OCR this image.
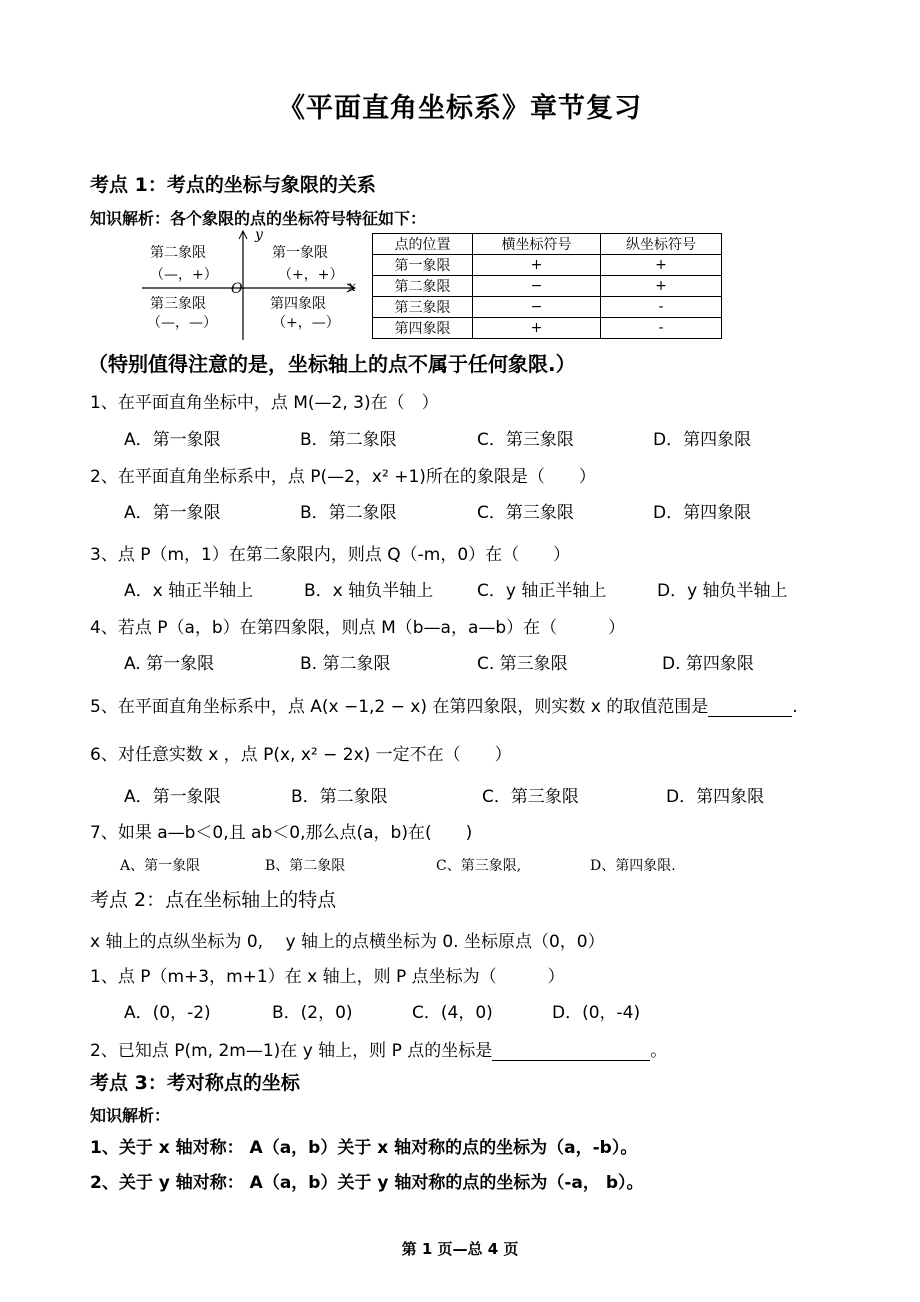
《平面直角坐标系》章节复习
考点 1：考点的坐标与象限的关系
知识解析：各个象限的点的坐标符号特征如下：
第二象限
（—，+）
第一象限
（+，+）
第三象限
（—，—）
第四象限
（+，—）
O	x
y
点的位置	横坐标符号	纵坐标符号
第一象限	+	+
第二象限	−	+
第三象限	−	-
第四象限	+	-
（特别值得注意的是，坐标轴上的点不属于任何象限.）
1、在平面直角坐标中，点 M(—2, 3)在（　）
A．第一象限	B．第二象限	C．第三象限	D．第四象限
2、在平面直角坐标系中，点 P(—2，x² +1)所在的象限是（　　）
A．第一象限	B．第二象限	C．第三象限	D．第四象限
3、点 P（m，1）在第二象限内，则点 Q（-m，0）在（　　）
A．x 轴正半轴上	B．x 轴负半轴上	C．y 轴正半轴上	D．y 轴负半轴上
4、若点 P（a，b）在第四象限，则点 M（b—a，a—b）在（　　　）
A. 第一象限	B. 第二象限	C. 第三象限	D. 第四象限
5、在平面直角坐标系中，点 A(x −1,2 − x) 在第四象限，则实数 x 的取值范围是	.
6、对任意实数 x ，点 P(x, x² − 2x) 一定不在（　　）
A．第一象限	B．第二象限	C．第三象限	D．第四象限
7、如果 a—b＜0,且 ab＜0,那么点(a，b)在(　　)
A、第一象限	B、第二象限	C、第三象限,	D、第四象限.
考点 2：点在坐标轴上的特点
x 轴上的点纵坐标为 0,　 y 轴上的点横坐标为 0. 坐标原点（0，0）
1、点 P（m+3，m+1）在 x 轴上，则 P 点坐标为（　　　）
A．(0，-2)	B．(2，0)	C．(4，0)	D．(0，-4)
2、已知点 P(m, 2m—1)在 y 轴上，则 P 点的坐标是	。
考点 3：考对称点的坐标
知识解析：
1、关于 x 轴对称： A（a，b）关于 x 轴对称的点的坐标为（a，-b）。
2、关于 y 轴对称： A（a，b）关于 y 轴对称的点的坐标为（-a， b）。
第 1 页—总 4 页
